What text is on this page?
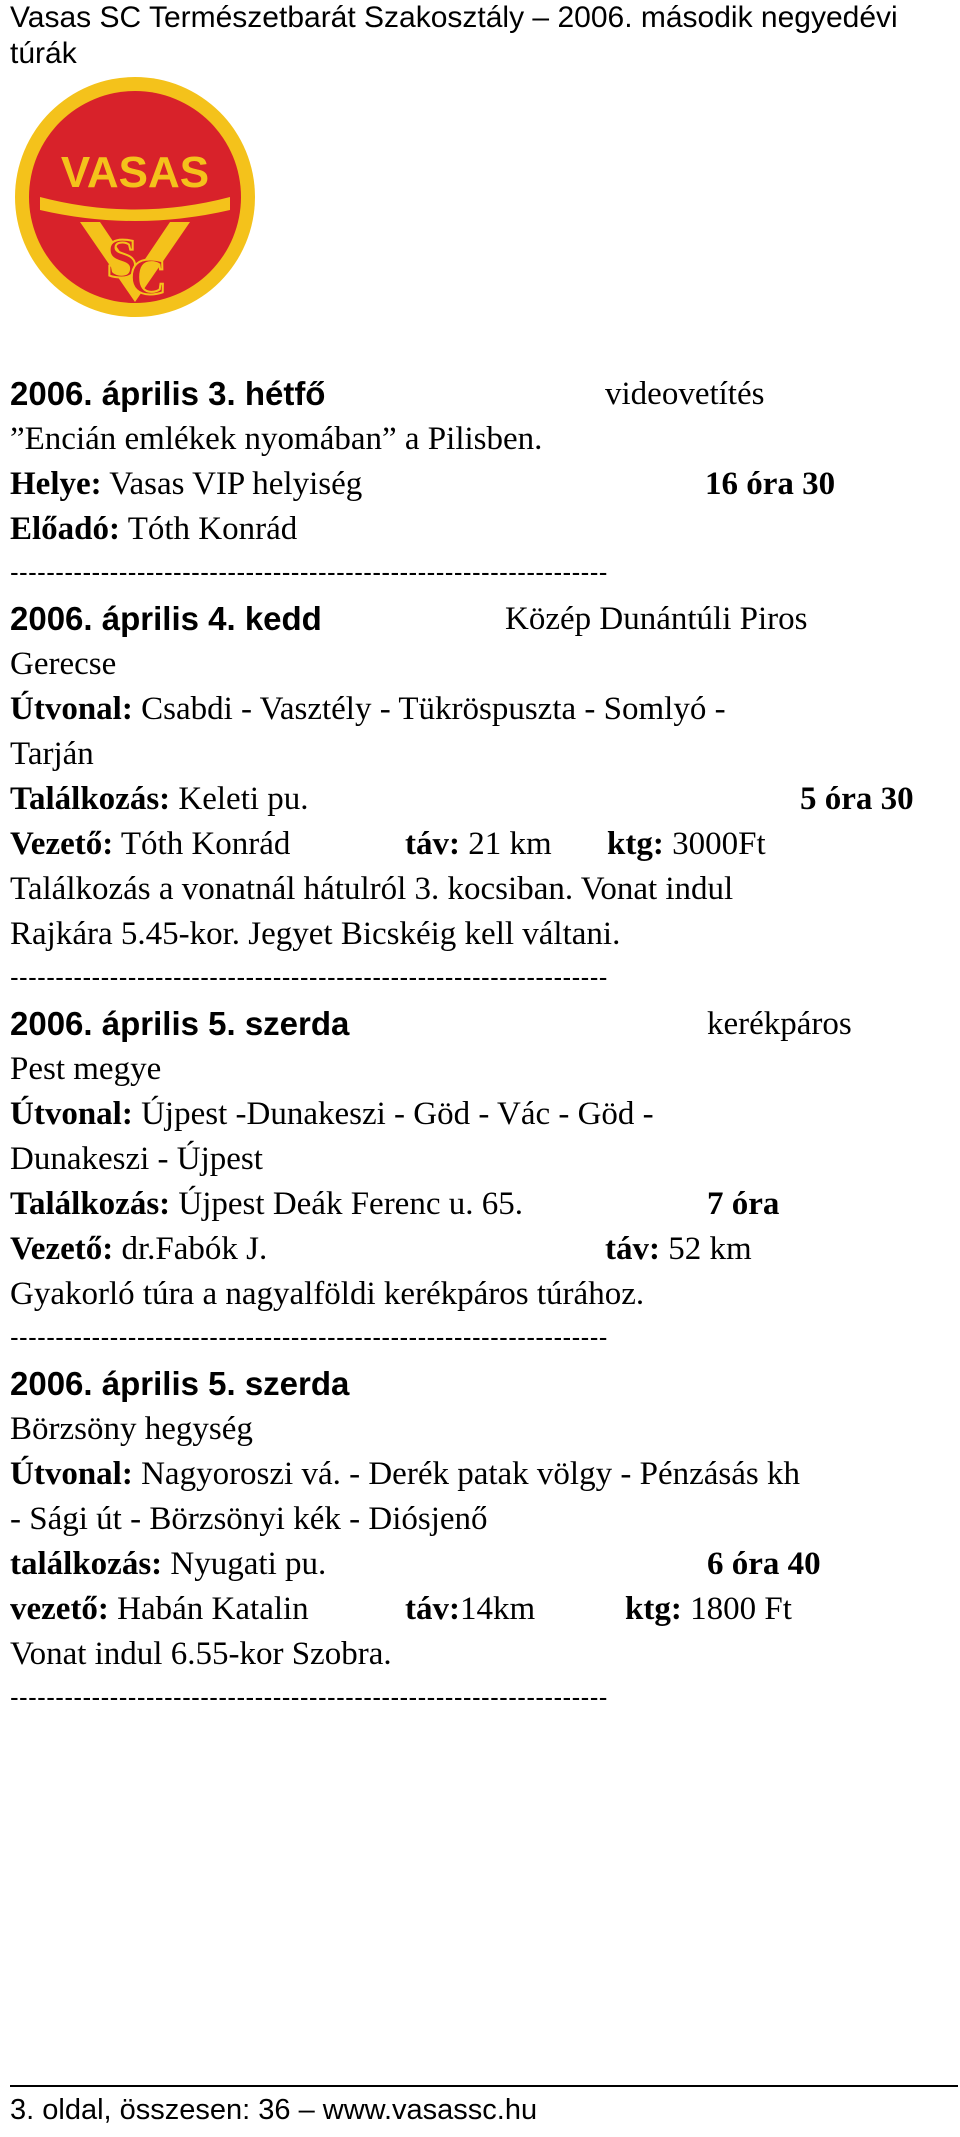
Vasas SC Természetbarát Szakosztály – 2006. második negyedévi túrák
VASAS
S
C
2006. április 3. hétfő	videovetítés
”Encián emlékek nyomában” a Pilisben.
Helye: Vasas VIP helyiség	16 óra 30
Előadó: Tóth Konrád
------------------------------------------------------------------
2006. április 4. kedd	Közép Dunántúli Piros
Gerecse
Útvonal: Csabdi - Vasztély - Tükröspuszta - Somlyó -
Tarján
Találkozás: Keleti pu.	5 óra 30
Vezető: Tóth Konrád	táv: 21 km ktg: 3000Ft
Találkozás a vonatnál hátulról 3. kocsiban. Vonat indul
Rajkára 5.45-kor. Jegyet Bicskéig kell váltani.
------------------------------------------------------------------
2006. április 5. szerda	kerékpáros
Pest megye
Útvonal: Újpest -Dunakeszi - Göd - Vác - Göd -
Dunakeszi - Újpest
Találkozás: Újpest Deák Ferenc u. 65.	7 óra
Vezető: dr.Fabók J.	táv: 52 km
Gyakorló túra a nagyalföldi kerékpáros túrához.
------------------------------------------------------------------
2006. április 5. szerda
Börzsöny hegység
Útvonal: Nagyoroszi vá. - Derék patak völgy - Pénzásás kh
- Sági út - Börzsönyi kék - Diósjenő
találkozás: Nyugati pu.	6 óra 40
vezető: Habán Katalin	táv:14km	ktg: 1800 Ft
Vonat indul 6.55-kor Szobra.
------------------------------------------------------------------
3. oldal, összesen: 36 – www.vasassc.hu
